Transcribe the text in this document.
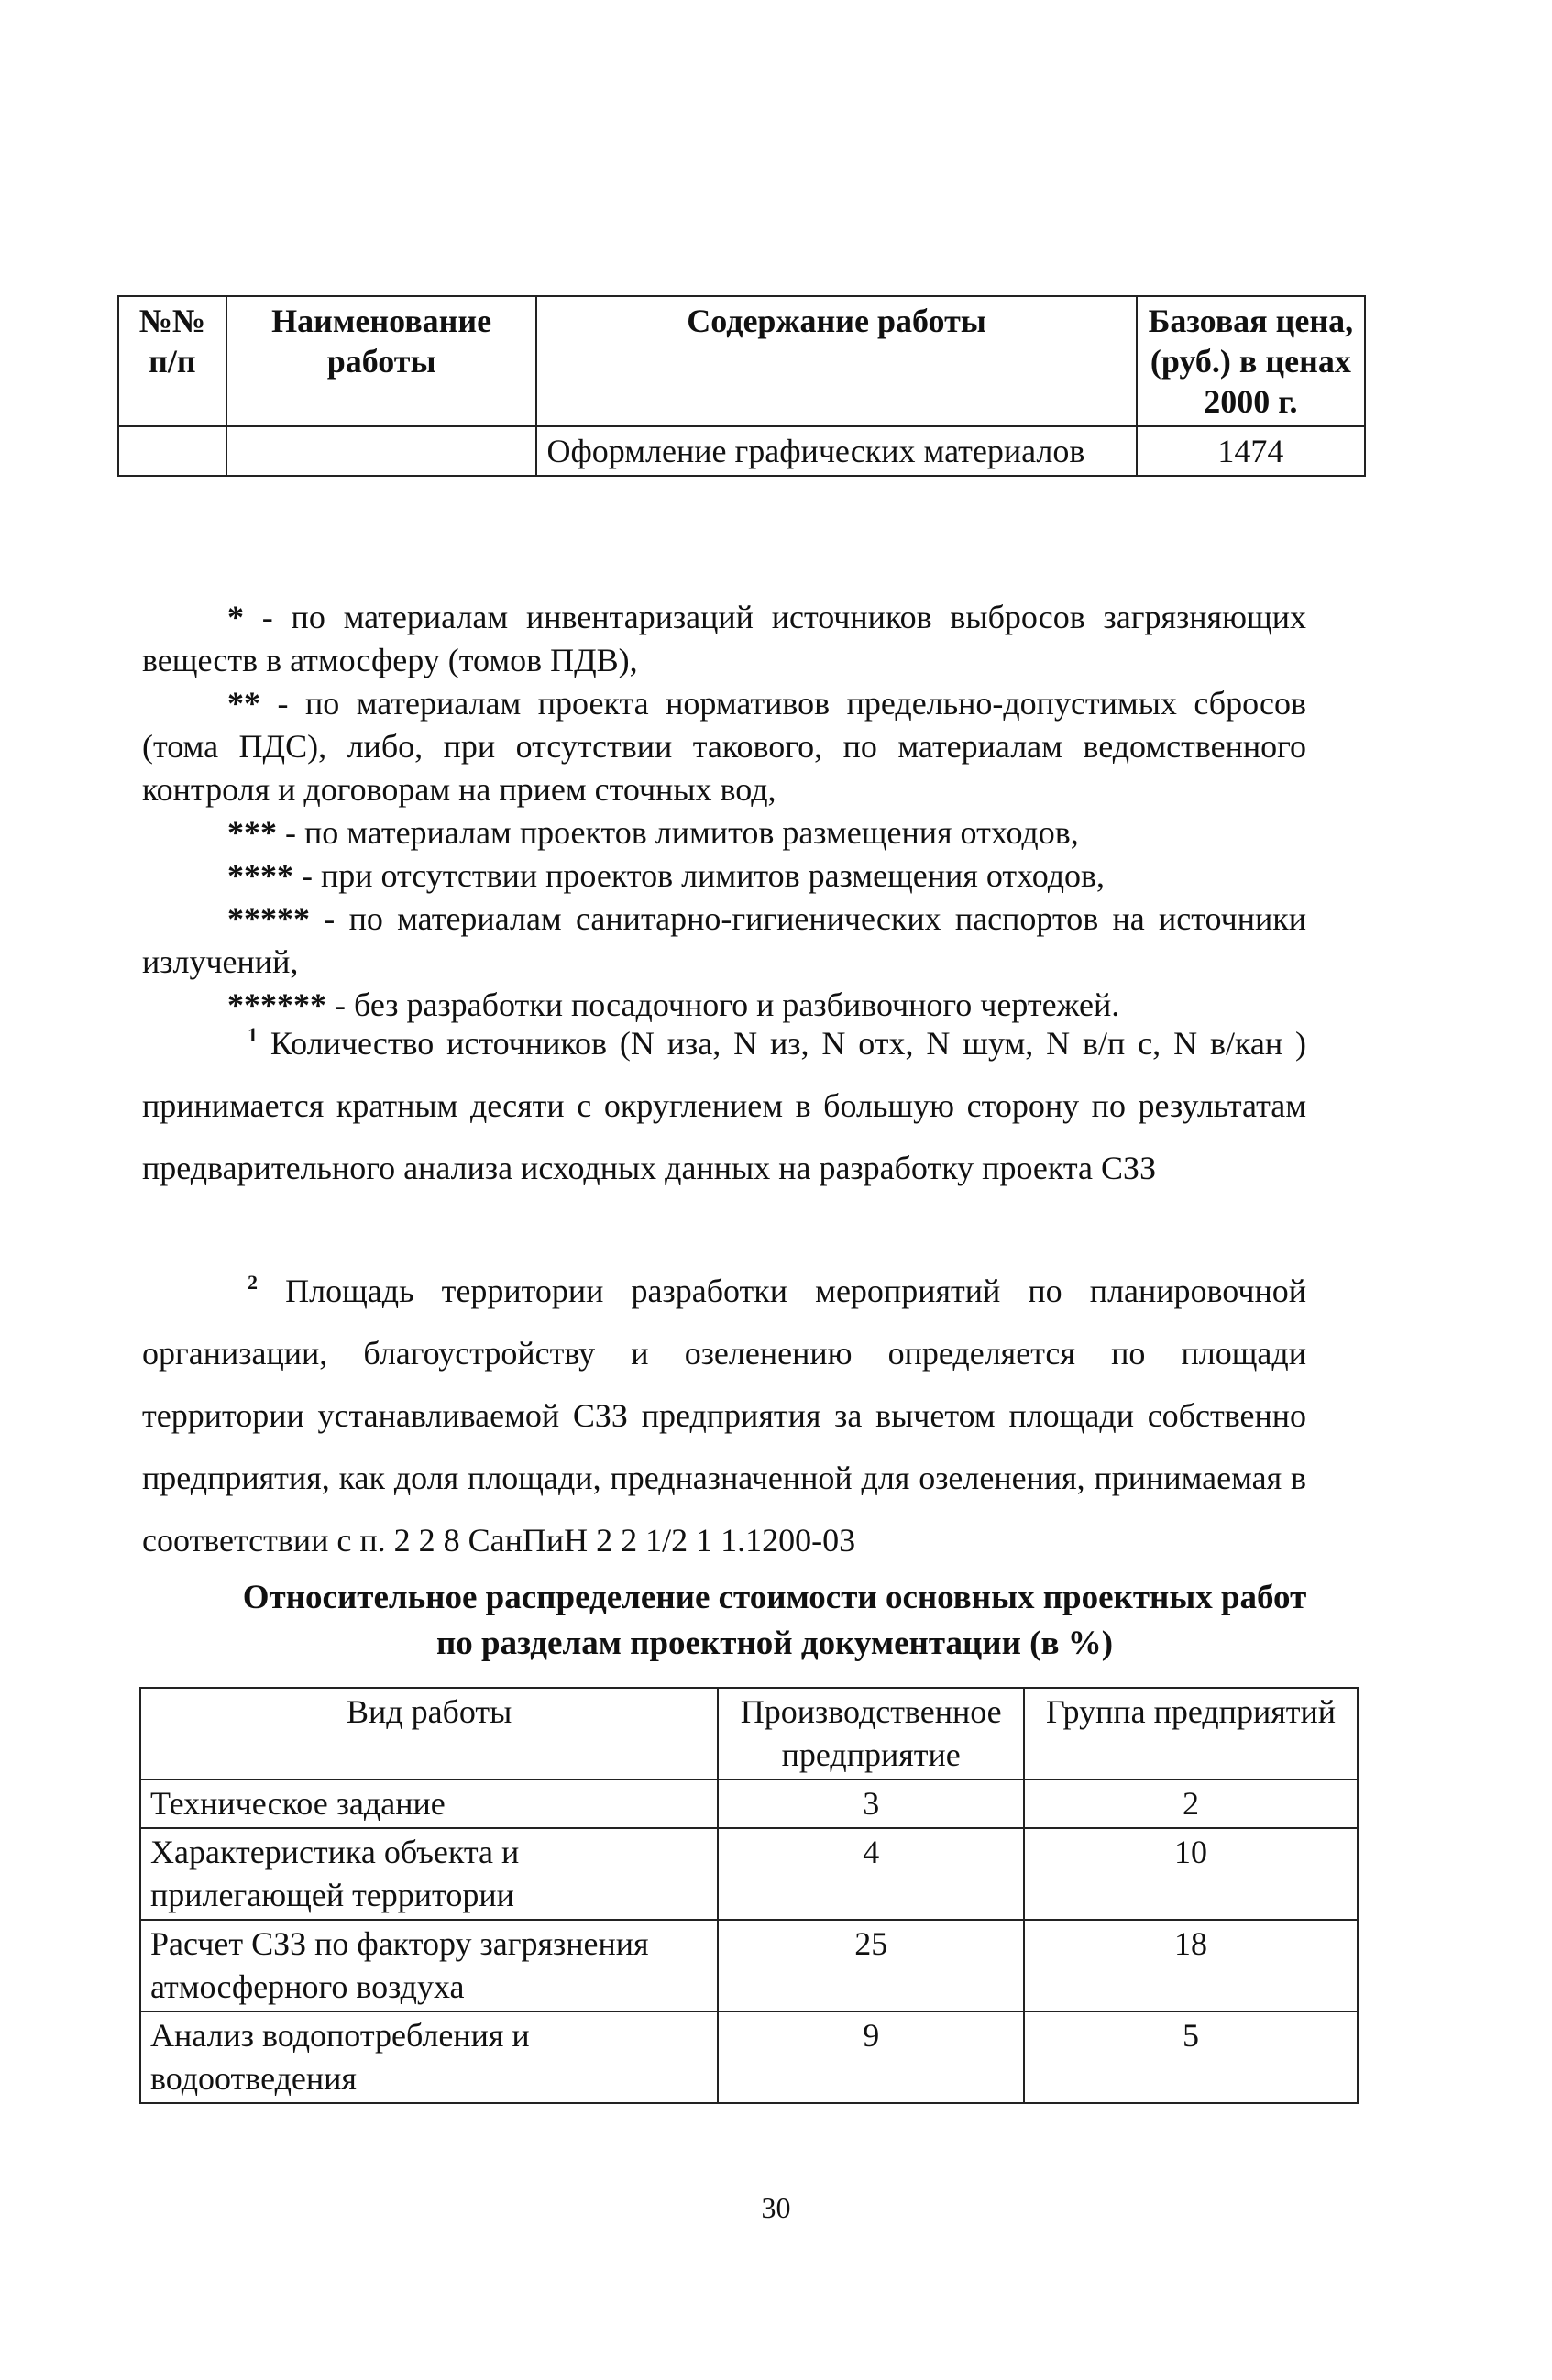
№№ п/п	Наименование работы	Содержание работы	Базовая цена, (руб.) в ценах 2000 г.
		Оформление графических материалов	1474

* - по материалам инвентаризаций источников выбросов загрязняющих веществ в атмосферу (томов ПДВ),

** - по материалам проекта нормативов предельно-допустимых сбросов (тома ПДС), либо, при отсутствии такового, по материалам ведомственного контроля и договорам на прием сточных вод,

*** - по материалам проектов лимитов размещения отходов,

**** - при отсутствии проектов лимитов размещения отходов,

***** - по материалам санитарно-гигиенических паспортов на источники излучений,

****** - без разработки посадочного и разбивочного чертежей.

$^1$ Количество источников (N иза, N из, N отх, N шум, N в/п с, N в/кан ) принимается кратным десяти с округлением в большую сторону по результатам предварительного анализа исходных данных на разработку проекта СЗЗ

$^2$ Площадь территории разработки мероприятий по планировочной организации, благоустройству и озеленению определяется по площади территории устанавливаемой СЗЗ предприятия за вычетом площади собственно предприятия, как доля площади, предназначенной для озеленения, принимаемая в соответствии с п. 2 2 8 СанПиН 2 2 1/2 1 1.1200-03

Относительное распределение стоимости основных проектных работ
по разделам проектной документации (в %)
Вид работы	Производственное предприятие	Группа предприятий
Техническое задание	3	2
Характеристика объекта и прилегающей территории	4	10
Расчет СЗЗ по фактору загрязнения атмосферного воздуха	25	18
Анализ водопотребления и водоотведения	9	5
30
